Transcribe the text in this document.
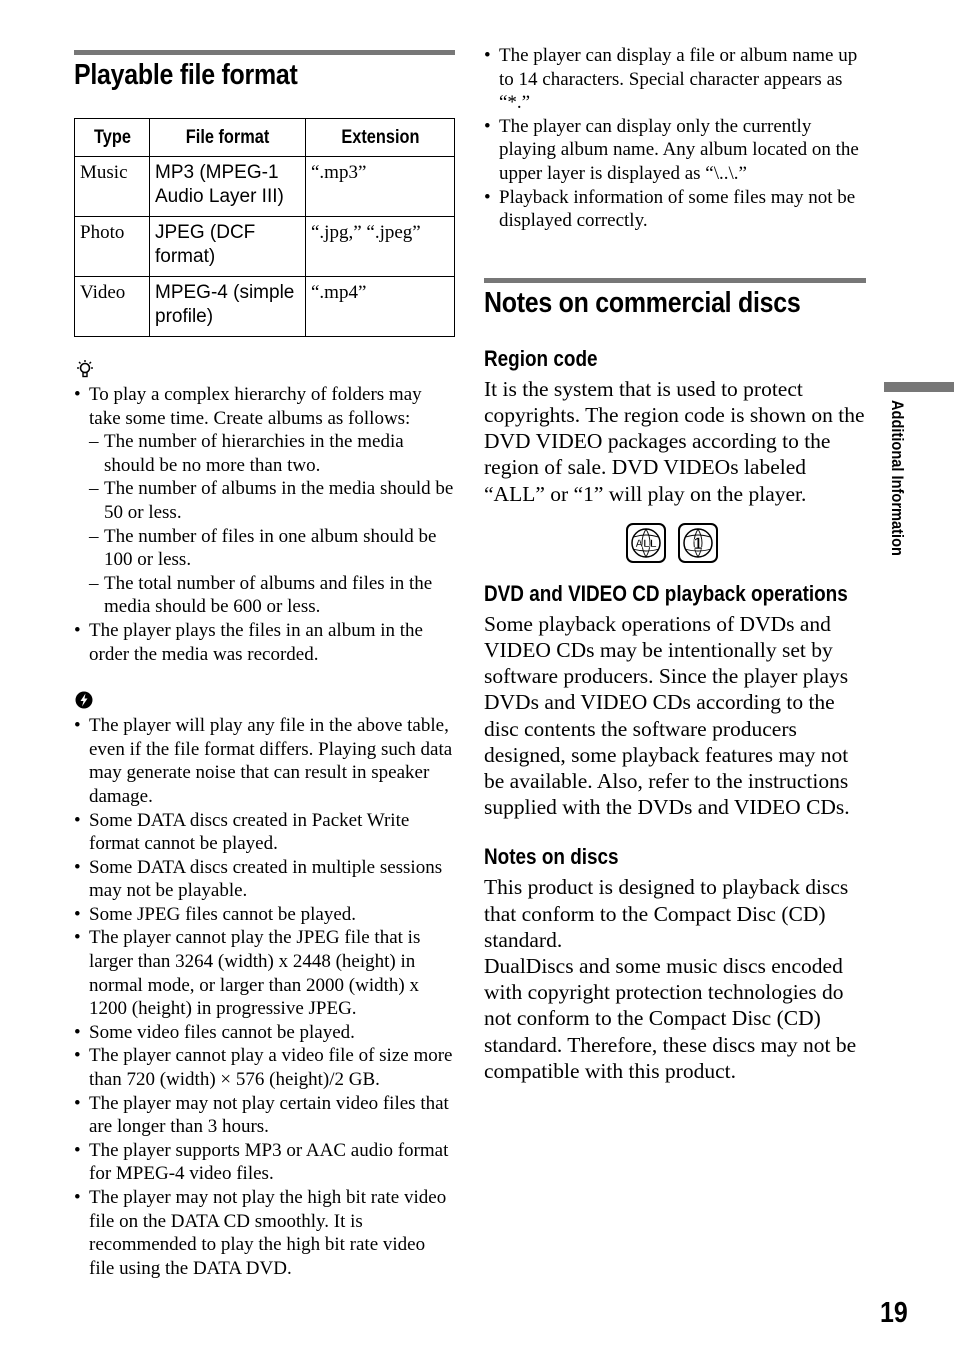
Playable file format
Type	File format	Extension
Music	MP3 (MPEG-1 Audio Layer III)	“.mp3”
Photo	JPEG (DCF format)	“.jpg,” “.jpeg”
Video	MPEG-4 (simple profile)	“.mp4”
• To play a complex hierarchy of folders may take some time. Create albums as follows:
– The number of hierarchies in the media should be no more than two.
– The number of albums in the media should be 50 or less.
– The number of files in one album should be 100 or less.
– The total number of albums and files in the media should be 600 or less.
• The player plays the files in an album in the order the media was recorded.
• The player will play any file in the above table, even if the file format differs. Playing such data may generate noise that can result in speaker damage.
• Some DATA discs created in Packet Write format cannot be played.
• Some DATA discs created in multiple sessions may not be playable.
• Some JPEG files cannot be played.
• The player cannot play the JPEG file that is larger than 3264 (width) x 2448 (height) in normal mode, or larger than 2000 (width) x 1200 (height) in progressive JPEG.
• Some video files cannot be played.
• The player cannot play a video file of size more than 720 (width) × 576 (height)/2 GB.
• The player may not play certain video files that are longer than 3 hours.
• The player supports MP3 or AAC audio format for MPEG-4 video files.
• The player may not play the high bit rate video file on the DATA CD smoothly. It is recommended to play the high bit rate video file using the DATA DVD.
• The player can display a file or album name up to 14 characters. Special character appears as “*.”
• The player can display only the currently playing album name. Any album located on the upper layer is displayed as “\..\.”
• Playback information of some files may not be displayed correctly.
Notes on commercial discs
Region code

It is the system that is used to protect copyrights. The region code is shown on the DVD VIDEO packages according to the region of sale. DVD VIDEOs labeled “ALL” or “1” will play on the player.

ALL 1
DVD and VIDEO CD playback operations

Some playback operations of DVDs and VIDEO CDs may be intentionally set by software producers. Since the player plays DVDs and VIDEO CDs according to the disc contents the software producers designed, some playback features may not be available. Also, refer to the instructions supplied with the DVDs and VIDEO CDs.

Notes on discs

This product is designed to playback discs that conform to the Compact Disc (CD) standard.

DualDiscs and some music discs encoded with copyright protection technologies do not conform to the Compact Disc (CD) standard. Therefore, these discs may not be compatible with this product.

Additional Information
19
